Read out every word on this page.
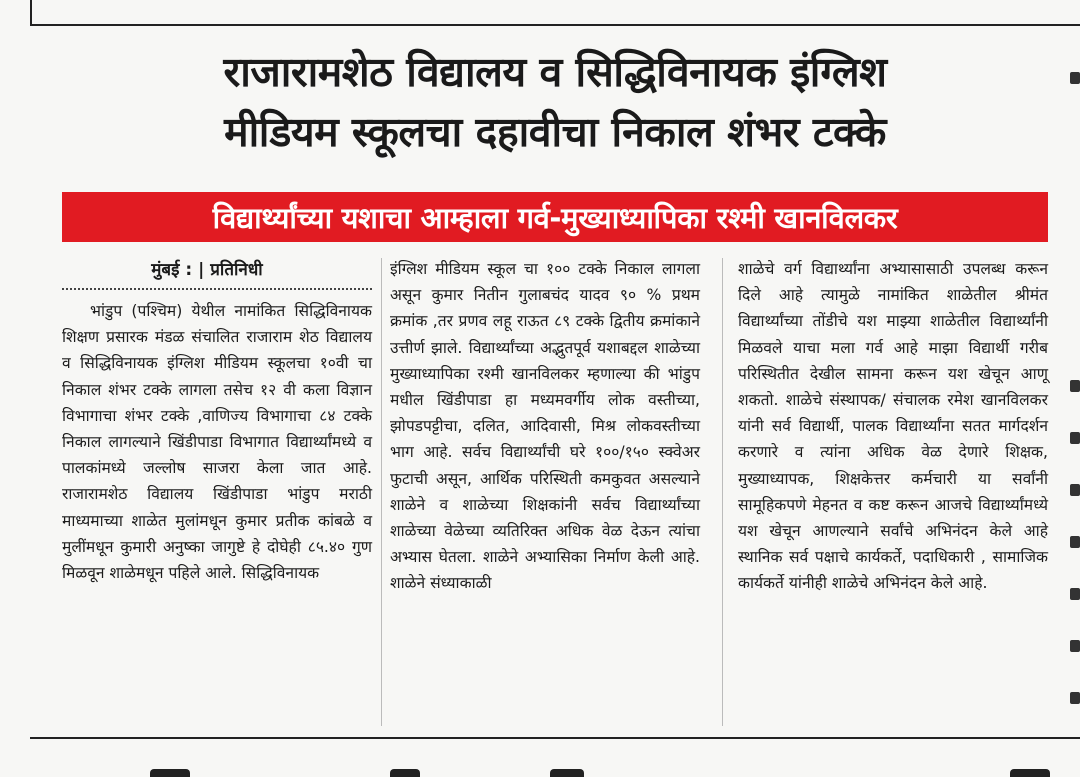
राजारामशेठ विद्यालय व सिद्धिविनायक इंग्लिश
मीडियम स्कूलचा दहावीचा निकाल शंभर टक्के
विद्यार्थ्यांच्या यशाचा आम्हाला गर्व-मुख्याध्यापिका रश्मी खानविलकर
मुंबई : | प्रतिनिधी

भांडुप (पश्चिम) येथील नामांकित सिद्धिविनायक शिक्षण प्रसारक मंडळ संचालित राजाराम शेठ विद्यालय व सिद्धिविनायक इंग्लिश मीडियम स्कूलचा १०वी चा निकाल शंभर टक्के लागला तसेच १२ वी कला विज्ञान विभागाचा शंभर टक्के ,वाणिज्य विभागाचा ८४ टक्के निकाल लागल्याने खिंडीपाडा विभागात विद्यार्थ्यांमध्ये व पालकांमध्ये जल्लोष साजरा केला जात आहे. राजारामशेठ विद्यालय खिंडीपाडा भांडुप मराठी माध्यमाच्या शाळेत मुलांमधून कुमार प्रतीक कांबळे व मुलींमधून कुमारी अनुष्का जागुष्टे हे दोघेही ८५.४० गुण मिळवून शाळेमधून पहिले आले. सिद्धिविनायक

इंग्लिश मीडियम स्कूल चा १०० टक्के निकाल लागला असून कुमार नितीन गुलाबचंद यादव ९० % प्रथम क्रमांक ,तर प्रणव लहू राऊत ८९ टक्के द्वितीय क्रमांकाने उत्तीर्ण झाले. विद्यार्थ्यांच्या अद्भुतपूर्व यशाबद्दल शाळेच्या मुख्याध्यापिका रश्मी खानविलकर म्हणाल्या की भांडुप मधील खिंडीपाडा हा मध्यमवर्गीय लोक वस्तीच्या, झोपडपट्टीचा, दलित, आदिवासी, मिश्र लोकवस्तीच्या भाग आहे. सर्वच विद्यार्थ्यांची घरे १००/१५० स्क्वेअर फुटाची असून, आर्थिक परिस्थिती कमकुवत असल्याने शाळेने व शाळेच्या शिक्षकांनी सर्वच विद्यार्थ्यांच्या शाळेच्या वेळेच्या व्यतिरिक्त अधिक वेळ देऊन त्यांचा अभ्यास घेतला. शाळेने अभ्यासिका निर्माण केली आहे. शाळेने संध्याकाळी

शाळेचे वर्ग विद्यार्थ्यांना अभ्यासासाठी उपलब्ध करून दिले आहे त्यामुळे नामांकित शाळेतील श्रीमंत विद्यार्थ्यांच्या तोंडीचे यश माझ्या शाळेतील विद्यार्थ्यांनी मिळवले याचा मला गर्व आहे माझा विद्यार्थी गरीब परिस्थितीत देखील सामना करून यश खेचून आणू शकतो. शाळेचे संस्थापक/ संचालक रमेश खानविलकर यांनी सर्व विद्यार्थी, पालक विद्यार्थ्यांना सतत मार्गदर्शन करणारे व त्यांना अधिक वेळ देणारे शिक्षक, मुख्याध्यापक, शिक्षकेत्तर कर्मचारी या सर्वांनी सामूहिकपणे मेहनत व कष्ट करून आजचे विद्यार्थ्यांमध्ये यश खेचून आणल्याने सर्वांचे अभिनंदन केले आहे स्थानिक सर्व पक्षाचे कार्यकर्ते, पदाधिकारी , सामाजिक कार्यकर्ते यांनीही शाळेचे अभिनंदन केले आहे.
